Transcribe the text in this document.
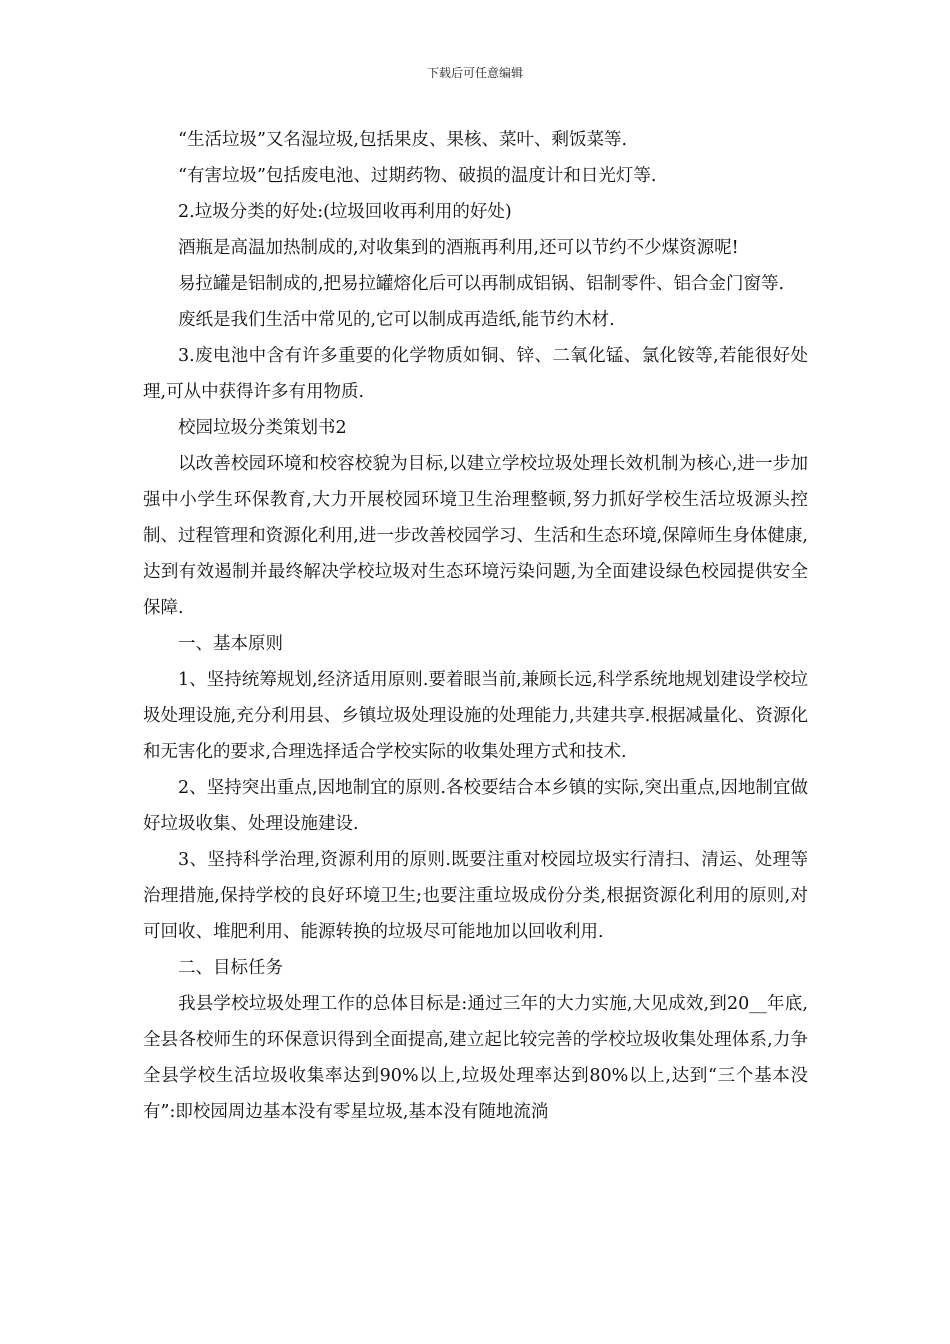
下载后可任意编辑

“生活垃圾”又名湿垃圾,包括果皮、果核、菜叶、剩饭菜等.

“有害垃圾”包括废电池、过期药物、破损的温度计和日光灯等.

2.垃圾分类的好处:(垃圾回收再利用的好处)

酒瓶是高温加热制成的,对收集到的酒瓶再利用,还可以节约不少煤资源呢!

易拉罐是铝制成的,把易拉罐熔化后可以再制成铝锅、铝制零件、铝合金门窗等.

废纸是我们生活中常见的,它可以制成再造纸,能节约木材.

3.废电池中含有许多重要的化学物质如铜、锌、二氧化锰、氯化铵等,若能很好处理,可从中获得许多有用物质.

校园垃圾分类策划书2

以改善校园环境和校容校貌为目标,以建立学校垃圾处理长效机制为核心,进一步加强中小学生环保教育,大力开展校园环境卫生治理整顿,努力抓好学校生活垃圾源头控制、过程管理和资源化利用,进一步改善校园学习、生活和生态环境,保障师生身体健康,达到有效遏制并最终解决学校垃圾对生态环境污染问题,为全面建设绿色校园提供安全保障.

一、基本原则

1、坚持统筹规划,经济适用原则.要着眼当前,兼顾长远,科学系统地规划建设学校垃圾处理设施,充分利用县、乡镇垃圾处理设施的处理能力,共建共享.根据减量化、资源化和无害化的要求,合理选择适合学校实际的收集处理方式和技术.

2、坚持突出重点,因地制宜的原则.各校要结合本乡镇的实际,突出重点,因地制宜做好垃圾收集、处理设施建设.

3、坚持科学治理,资源利用的原则.既要注重对校园垃圾实行清扫、清运、处理等治理措施,保持学校的良好环境卫生;也要注重垃圾成份分类,根据资源化利用的原则,对可回收、堆肥利用、能源转换的垃圾尽可能地加以回收利用.

二、目标任务

我县学校垃圾处理工作的总体目标是:通过三年的大力实施,大见成效,到20__年底,全县各校师生的环保意识得到全面提高,建立起比较完善的学校垃圾收集处理体系,力争全县学校生活垃圾收集率达到90%以上,垃圾处理率达到80%以上,达到“三个基本没有”:即校园周边基本没有零星垃圾,基本没有随地流淌
